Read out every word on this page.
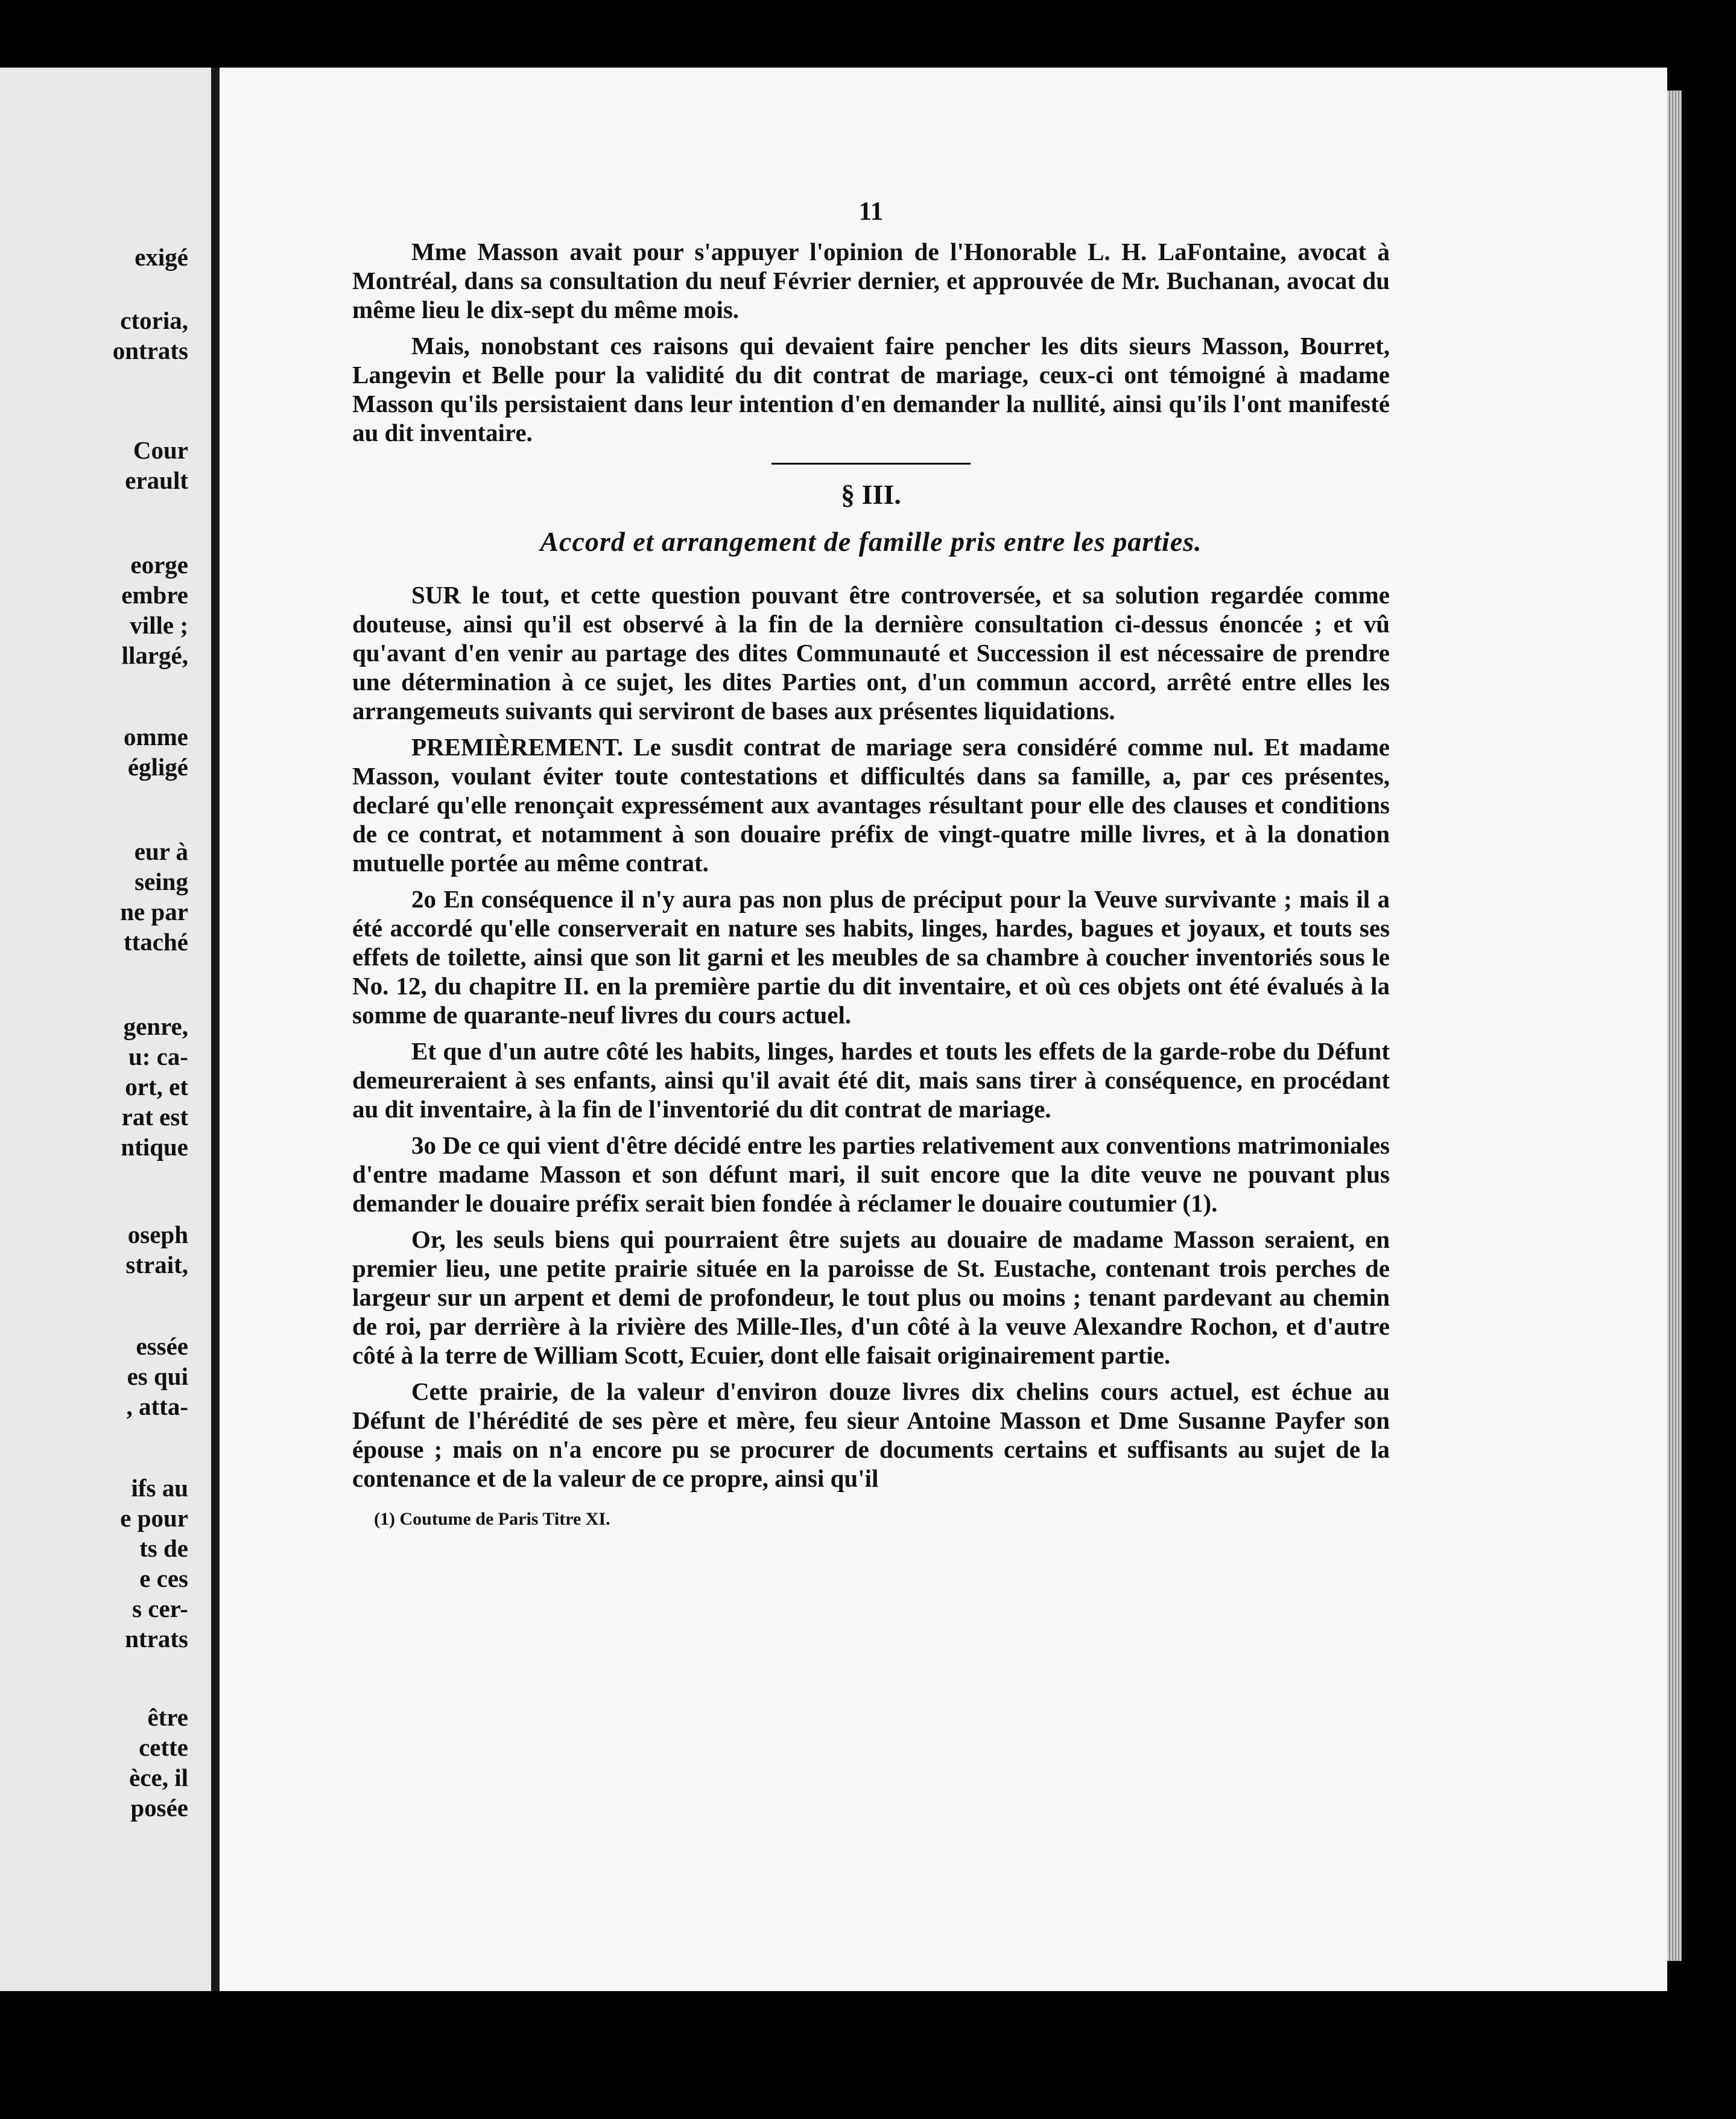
exigé
ctoria,
ontrats
Cour
erault
eorge
embre
ville ;
llargé,
omme
égligé
eur à
seing
ne par
ttaché
genre,
u: ca-
ort, et
rat est
ntique
oseph
strait,
essée
es qui
, atta-
ifs au
e pour
ts de
e ces
s cer-
ntrats
être
cette
èce, il
posée
11

Mme Masson avait pour s'appuyer l'opinion de l'Honorable L. H. LaFontaine, avocat à Montréal, dans sa consultation du neuf Février dernier, et approuvée de Mr. Buchanan, avocat du même lieu le dix-sept du même mois.

Mais, nonobstant ces raisons qui devaient faire pencher les dits sieurs Masson, Bourret, Langevin et Belle pour la validité du dit contrat de mariage, ceux-ci ont témoigné à madame Masson qu'ils persistaient dans leur intention d'en demander la nullité, ainsi qu'ils l'ont manifesté au dit inventaire.

§ III.
Accord et arrangement de famille pris entre les parties.

SUR le tout, et cette question pouvant être controversée, et sa solution regardée comme douteuse, ainsi qu'il est observé à la fin de la dernière consultation ci-dessus énoncée ; et vû qu'avant d'en venir au partage des dites Communauté et Succession il est nécessaire de prendre une détermination à ce sujet, les dites Parties ont, d'un commun accord, arrêté entre elles les arrangemeuts suivants qui serviront de bases aux présentes liquidations.

PREMIÈREMENT. Le susdit contrat de mariage sera considéré comme nul. Et madame Masson, voulant éviter toute contestations et difficultés dans sa famille, a, par ces présentes, declaré qu'elle renonçait expressément aux avantages résultant pour elle des clauses et conditions de ce contrat, et notamment à son douaire préfix de vingt-quatre mille livres, et à la donation mutuelle portée au même contrat.

2o En conséquence il n'y aura pas non plus de préciput pour la Veuve survivante ; mais il a été accordé qu'elle conserverait en nature ses habits, linges, hardes, bagues et joyaux, et touts ses effets de toilette, ainsi que son lit garni et les meubles de sa chambre à coucher inventoriés sous le No. 12, du chapitre II. en la première partie du dit inventaire, et où ces objets ont été évalués à la somme de quarante-neuf livres du cours actuel.

Et que d'un autre côté les habits, linges, hardes et touts les effets de la garde-robe du Défunt demeureraient à ses enfants, ainsi qu'il avait été dit, mais sans tirer à conséquence, en procédant au dit inventaire, à la fin de l'inventorié du dit contrat de mariage.

3o De ce qui vient d'être décidé entre les parties relativement aux conventions matrimoniales d'entre madame Masson et son défunt mari, il suit encore que la dite veuve ne pouvant plus demander le douaire préfix serait bien fondée à réclamer le douaire coutumier (1).

Or, les seuls biens qui pourraient être sujets au douaire de madame Masson seraient, en premier lieu, une petite prairie située en la paroisse de St. Eustache, contenant trois perches de largeur sur un arpent et demi de profondeur, le tout plus ou moins ; tenant pardevant au chemin de roi, par derrière à la rivière des Mille-Iles, d'un côté à la veuve Alexandre Rochon, et d'autre côté à la terre de William Scott, Ecuier, dont elle faisait originairement partie.

Cette prairie, de la valeur d'environ douze livres dix chelins cours actuel, est échue au Défunt de l'hérédité de ses père et mère, feu sieur Antoine Masson et Dme Susanne Payfer son épouse ; mais on n'a encore pu se procurer de documents certains et suffisants au sujet de la contenance et de la valeur de ce propre, ainsi qu'il

(1) Coutume de Paris Titre XI.
